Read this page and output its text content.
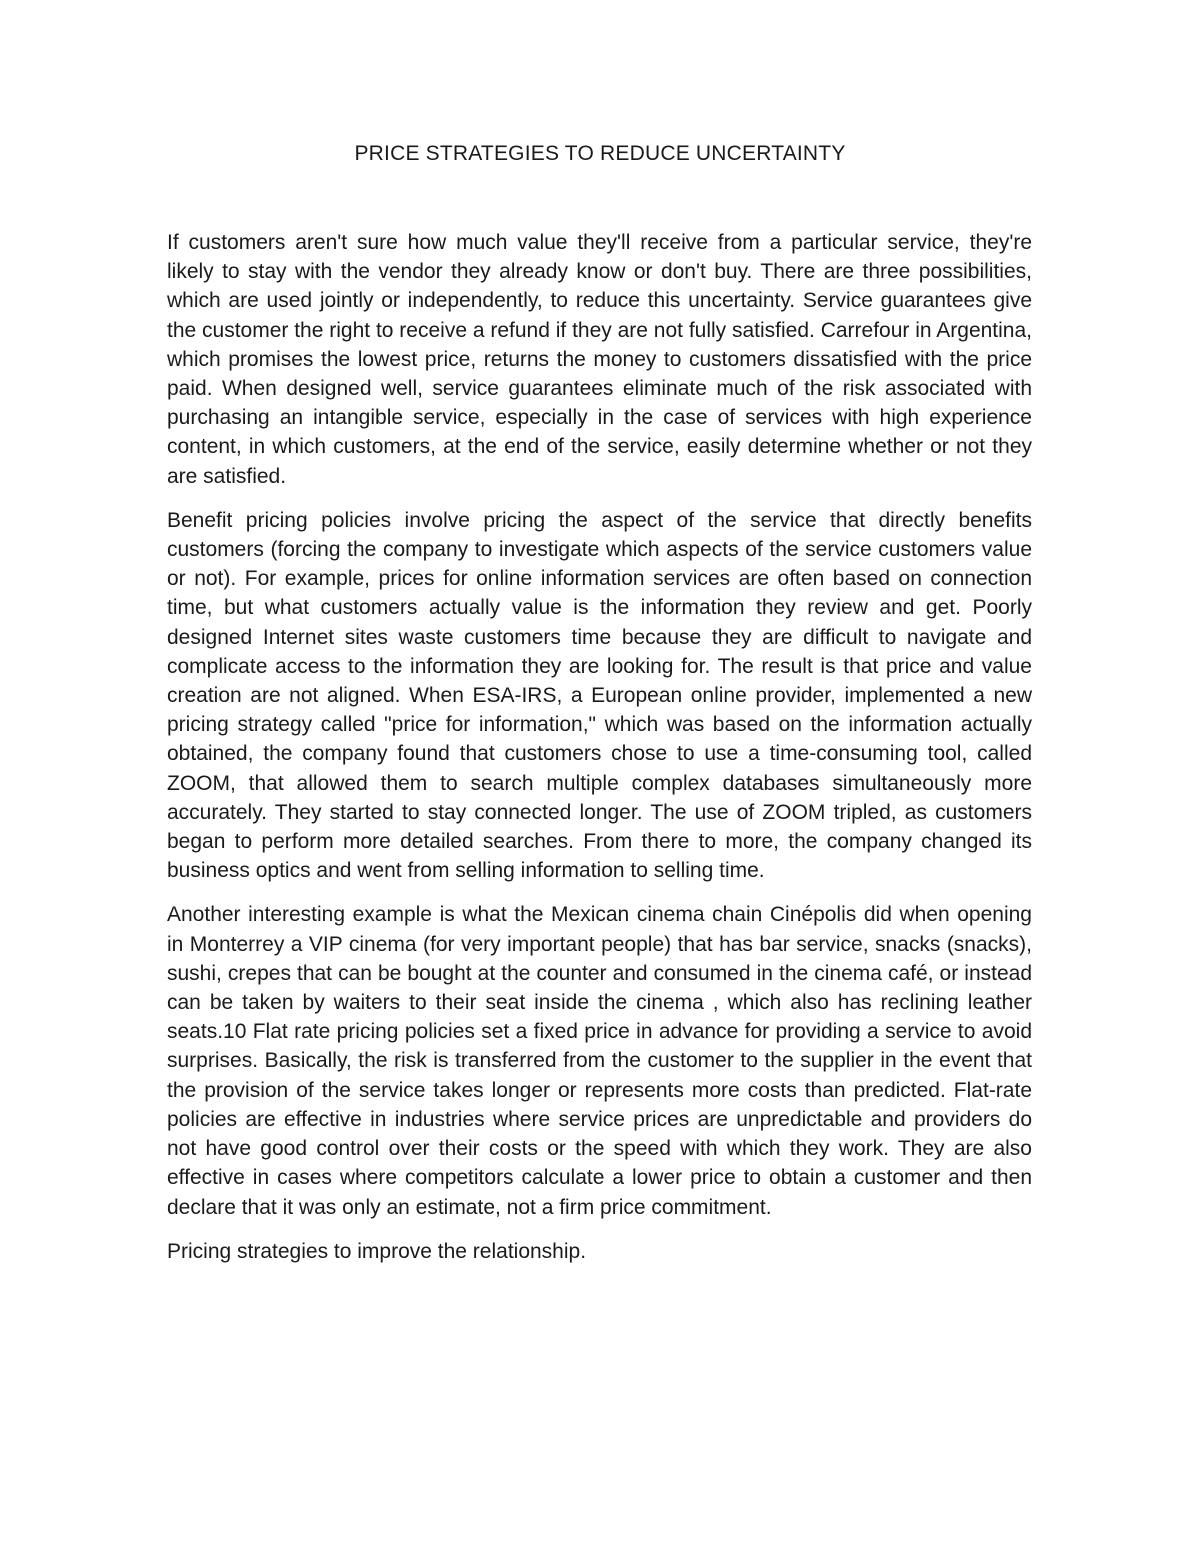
PRICE STRATEGIES TO REDUCE UNCERTAINTY

If customers aren't sure how much value they'll receive from a particular service, they're likely to stay with the vendor they already know or don't buy. There are three possibilities, which are used jointly or independently, to reduce this uncertainty. Service guarantees give the customer the right to receive a refund if they are not fully satisfied. Carrefour in Argentina, which promises the lowest price, returns the money to customers dissatisfied with the price paid. When designed well, service guarantees eliminate much of the risk associated with purchasing an intangible service, especially in the case of services with high experience content, in which customers, at the end of the service, easily determine whether or not they are satisfied.

Benefit pricing policies involve pricing the aspect of the service that directly benefits customers (forcing the company to investigate which aspects of the service customers value or not). For example, prices for online information services are often based on connection time, but what customers actually value is the information they review and get. Poorly designed Internet sites waste customers time because they are difficult to navigate and complicate access to the information they are looking for. The result is that price and value creation are not aligned. When ESA-IRS, a European online provider, implemented a new pricing strategy called "price for information," which was based on the information actually obtained, the company found that customers chose to use a time-consuming tool, called ZOOM, that allowed them to search multiple complex databases simultaneously more accurately. They started to stay connected longer. The use of ZOOM tripled, as customers began to perform more detailed searches. From there to more, the company changed its business optics and went from selling information to selling time.

Another interesting example is what the Mexican cinema chain Cinépolis did when opening in Monterrey a VIP cinema (for very important people) that has bar service, snacks (snacks), sushi, crepes that can be bought at the counter and consumed in the cinema café, or instead can be taken by waiters to their seat inside the cinema , which also has reclining leather seats.10 Flat rate pricing policies set a fixed price in advance for providing a service to avoid surprises. Basically, the risk is transferred from the customer to the supplier in the event that the provision of the service takes longer or represents more costs than predicted. Flat-rate policies are effective in industries where service prices are unpredictable and providers do not have good control over their costs or the speed with which they work. They are also effective in cases where competitors calculate a lower price to obtain a customer and then declare that it was only an estimate, not a firm price commitment.

Pricing strategies to improve the relationship.
